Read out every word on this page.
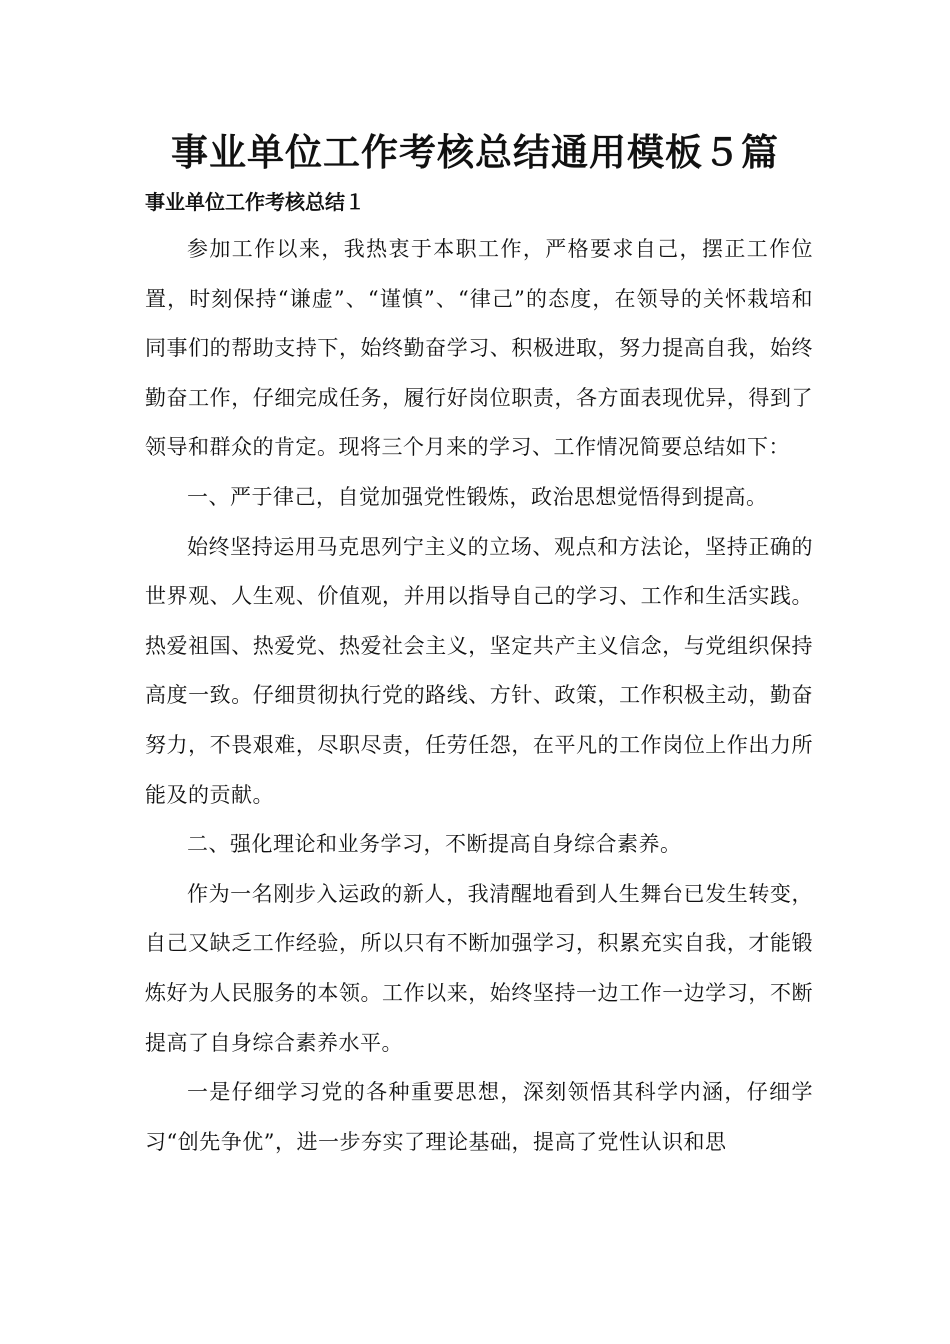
事业单位工作考核总结通用模板５篇
事业单位工作考核总结１

参加工作以来，我热衷于本职工作，严格要求自己，摆正工作位置，时刻保持“谦虚”、“谨慎”、“律己”的态度，在领导的关怀栽培和同事们的帮助支持下，始终勤奋学习、积极进取，努力提高自我，始终勤奋工作，仔细完成任务，履行好岗位职责，各方面表现优异，得到了领导和群众的肯定。现将三个月来的学习、工作情况简要总结如下：

一、严于律己，自觉加强党性锻炼，政治思想觉悟得到提高。

始终坚持运用马克思列宁主义的立场、观点和方法论，坚持正确的世界观、人生观、价值观，并用以指导自己的学习、工作和生活实践。热爱祖国、热爱党、热爱社会主义，坚定共产主义信念，与党组织保持高度一致。仔细贯彻执行党的路线、方针、政策，工作积极主动，勤奋努力，不畏艰难，尽职尽责，任劳任怨，在平凡的工作岗位上作出力所能及的贡献。

二、强化理论和业务学习，不断提高自身综合素养。

作为一名刚步入运政的新人，我清醒地看到人生舞台已发生转变，自己又缺乏工作经验，所以只有不断加强学习，积累充实自我，才能锻炼好为人民服务的本领。工作以来，始终坚持一边工作一边学习，不断提高了自身综合素养水平。

一是仔细学习党的各种重要思想，深刻领悟其科学内涵，仔细学习“创先争优”，进一步夯实了理论基础，提高了党性认识和思
